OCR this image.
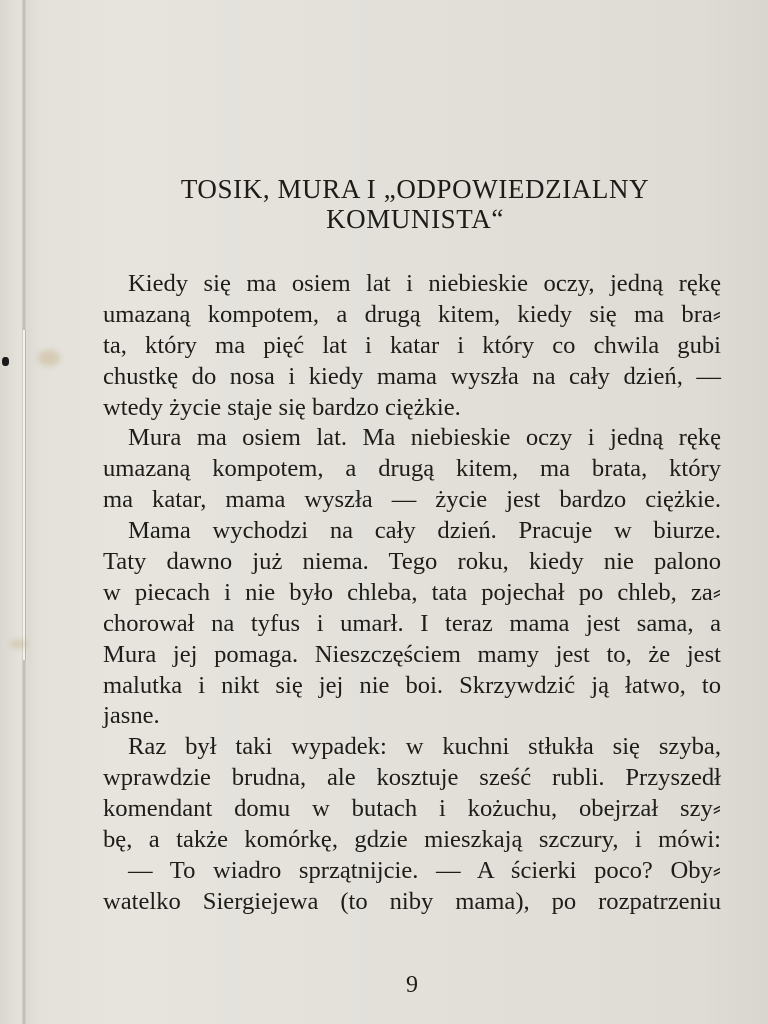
TOSIK, MURA I „ODPOWIEDZIALNY
KOMUNISTA“
Kiedy się ma osiem lat i niebieskie oczy, jedną rękę
umazaną kompotem, a drugą kitem, kiedy się ma bra⸗
ta, który ma pięć lat i katar i który co chwila gubi
chustkę do nosa i kiedy mama wyszła na cały dzień, —
wtedy życie staje się bardzo ciężkie.
Mura ma osiem lat. Ma niebieskie oczy i jedną rękę
umazaną kompotem, a drugą kitem, ma brata, który
ma katar, mama wyszła — życie jest bardzo ciężkie.
Mama wychodzi na cały dzień. Pracuje w biurze.
Taty dawno już niema. Tego roku, kiedy nie palono
w piecach i nie było chleba, tata pojechał po chleb, za⸗
chorował na tyfus i umarł. I teraz mama jest sama, a
Mura jej pomaga. Nieszczęściem mamy jest to, że jest
malutka i nikt się jej nie boi. Skrzywdzić ją łatwo, to
jasne.
Raz był taki wypadek: w kuchni stłukła się szyba,
wprawdzie brudna, ale kosztuje sześć rubli. Przyszedł
komendant domu w butach i kożuchu, obejrzał szy⸗
bę, a także komórkę, gdzie mieszkają szczury, i mówi:
— To wiadro sprzątnijcie. — A ścierki poco? Oby⸗
watelko Siergiejewa (to niby mama), po rozpatrzeniu
9
